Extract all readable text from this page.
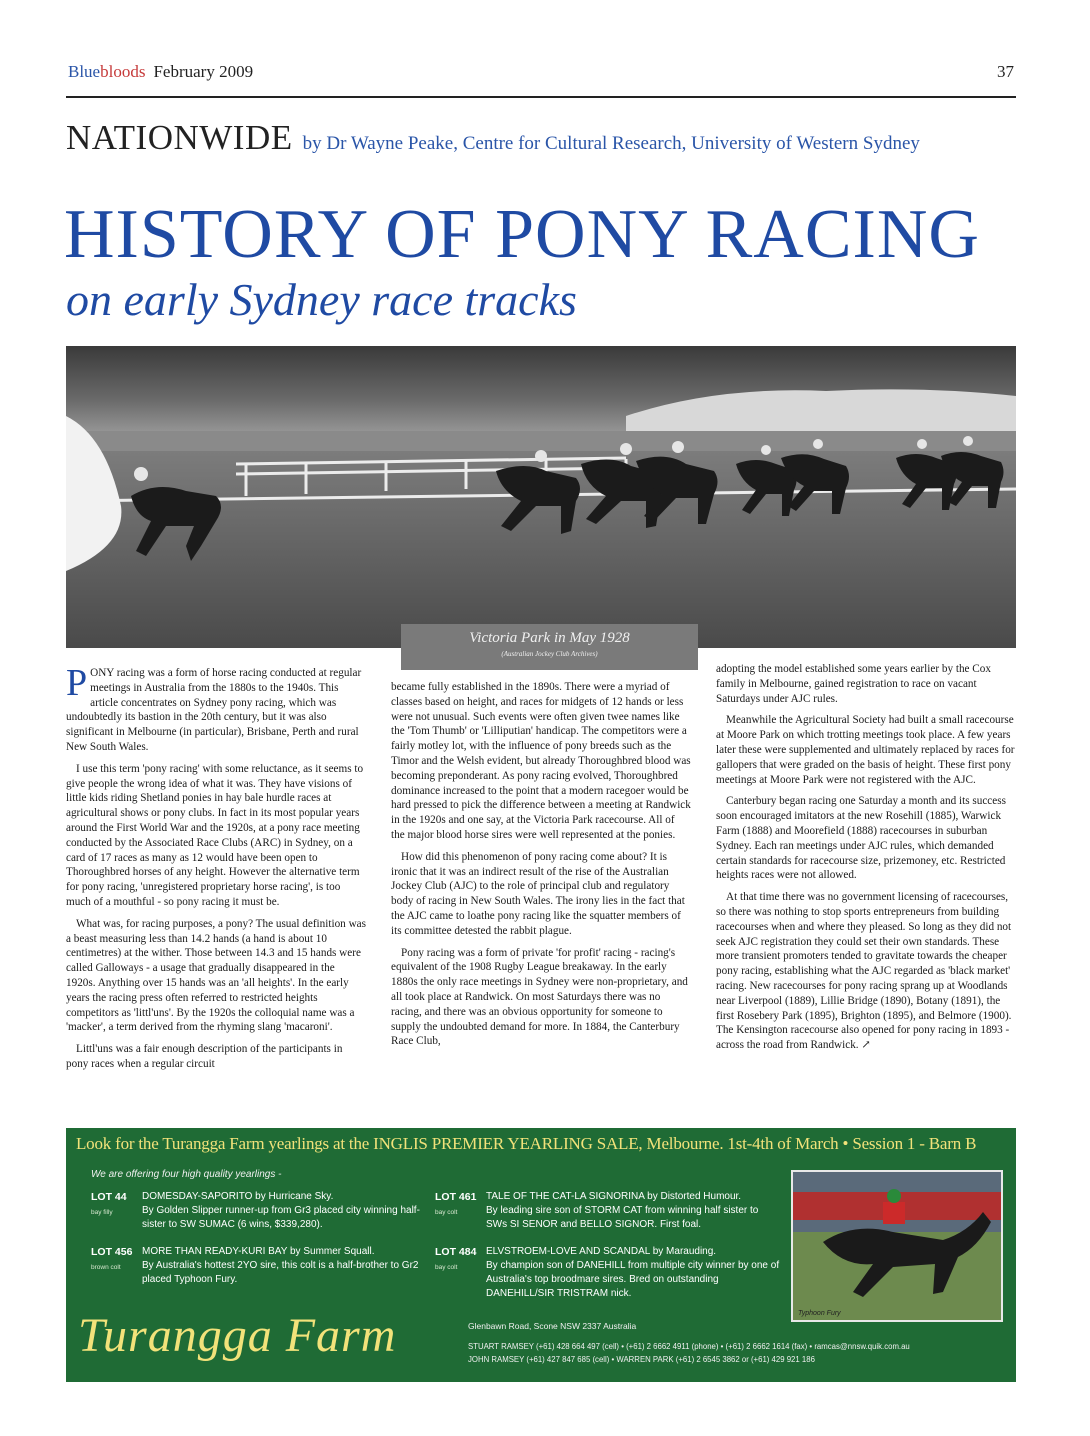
Bluebloods February 2009	37
NATIONWIDE by Dr Wayne Peake, Centre for Cultural Research, University of Western Sydney
HISTORY OF PONY RACING
on early Sydney race tracks
Victoria Park in May 1928
(Australian Jockey Club Archives)

PONY racing was a form of horse racing conducted at regular meetings in Australia from the 1880s to the 1940s. This article concentrates on Sydney pony racing, which was undoubtedly its bastion in the 20th century, but it was also significant in Melbourne (in particular), Brisbane, Perth and rural New South Wales.

I use this term 'pony racing' with some reluctance, as it seems to give people the wrong idea of what it was. They have visions of little kids riding Shetland ponies in hay bale hurdle races at agricultural shows or pony clubs. In fact in its most popular years around the First World War and the 1920s, at a pony race meeting conducted by the Associated Race Clubs (ARC) in Sydney, on a card of 17 races as many as 12 would have been open to Thoroughbred horses of any height. However the alternative term for pony racing, 'unregistered proprietary horse racing', is too much of a mouthful - so pony racing it must be.

What was, for racing purposes, a pony? The usual definition was a beast measuring less than 14.2 hands (a hand is about 10 centimetres) at the wither. Those between 14.3 and 15 hands were called Galloways - a usage that gradually disappeared in the 1920s. Anything over 15 hands was an 'all heights'. In the early years the racing press often referred to restricted heights competitors as 'littl'uns'. By the 1920s the colloquial name was a 'macker', a term derived from the rhyming slang 'macaroni'.

Littl'uns was a fair enough description of the participants in pony races when a regular circuit

became fully established in the 1890s. There were a myriad of classes based on height, and races for midgets of 12 hands or less were not unusual. Such events were often given twee names like the 'Tom Thumb' or 'Lilliputian' handicap. The competitors were a fairly motley lot, with the influence of pony breeds such as the Timor and the Welsh evident, but already Thoroughbred blood was becoming preponderant. As pony racing evolved, Thoroughbred dominance increased to the point that a modern racegoer would be hard pressed to pick the difference between a meeting at Randwick in the 1920s and one say, at the Victoria Park racecourse. All of the major blood horse sires were well represented at the ponies.

How did this phenomenon of pony racing come about? It is ironic that it was an indirect result of the rise of the Australian Jockey Club (AJC) to the role of principal club and regulatory body of racing in New South Wales. The irony lies in the fact that the AJC came to loathe pony racing like the squatter members of its committee detested the rabbit plague.

Pony racing was a form of private 'for profit' racing - racing's equivalent of the 1908 Rugby League breakaway. In the early 1880s the only race meetings in Sydney were non-proprietary, and all took place at Randwick. On most Saturdays there was no racing, and there was an obvious opportunity for someone to supply the undoubted demand for more. In 1884, the Canterbury Race Club,

adopting the model established some years earlier by the Cox family in Melbourne, gained registration to race on vacant Saturdays under AJC rules.

Meanwhile the Agricultural Society had built a small racecourse at Moore Park on which trotting meetings took place. A few years later these were supplemented and ultimately replaced by races for gallopers that were graded on the basis of height. These first pony meetings at Moore Park were not registered with the AJC.

Canterbury began racing one Saturday a month and its success soon encouraged imitators at the new Rosehill (1885), Warwick Farm (1888) and Moorefield (1888) racecourses in suburban Sydney. Each ran meetings under AJC rules, which demanded certain standards for racecourse size, prizemoney, etc. Restricted heights races were not allowed.

At that time there was no government licensing of racecourses, so there was nothing to stop sports entrepreneurs from building racecourses when and where they pleased. So long as they did not seek AJC registration they could set their own standards. These more transient promoters tended to gravitate towards the cheaper pony racing, establishing what the AJC regarded as 'black market' racing. New racecourses for pony racing sprang up at Woodlands near Liverpool (1889), Lillie Bridge (1890), Botany (1891), the first Rosebery Park (1895), Brighton (1895), and Belmore (1900). The Kensington racecourse also opened for pony racing in 1893 - across the road from Randwick. ↗

Look for the Turangga Farm yearlings at the INGLIS PREMIER YEARLING SALE, Melbourne. 1st-4th of March • Session 1 - Barn B
We are offering four high quality yearlings -
LOT 44
bay filly
DOMESDAY-SAPORITO by Hurricane Sky.
By Golden Slipper runner-up from Gr3 placed city winning half-sister to SW SUMAC (6 wins, $339,280).
LOT 456
brown colt
MORE THAN READY-KURI BAY by Summer Squall.
By Australia's hottest 2YO sire, this colt is a half-brother to Gr2 placed Typhoon Fury.
LOT 461
bay colt
TALE OF THE CAT-LA SIGNORINA by Distorted Humour.
By leading sire son of STORM CAT from winning half sister to SWs SI SENOR and BELLO SIGNOR. First foal.
LOT 484
bay colt
ELVSTROEM-LOVE AND SCANDAL by Marauding.
By champion son of DANEHILL from multiple city winner by one of Australia's top broodmare sires. Bred on outstanding DANEHILL/SIR TRISTRAM nick.
Typhoon Fury
Turangga Farm	Glenbawn Road, Scone NSW 2337 Australia
STUART RAMSEY (+61) 428 664 497 (cell) • (+61) 2 6662 4911 (phone) • (+61) 2 6662 1614 (fax) • ramcas@nnsw.quik.com.au
JOHN RAMSEY (+61) 427 847 685 (cell) • WARREN PARK (+61) 2 6545 3862 or (+61) 429 921 186
